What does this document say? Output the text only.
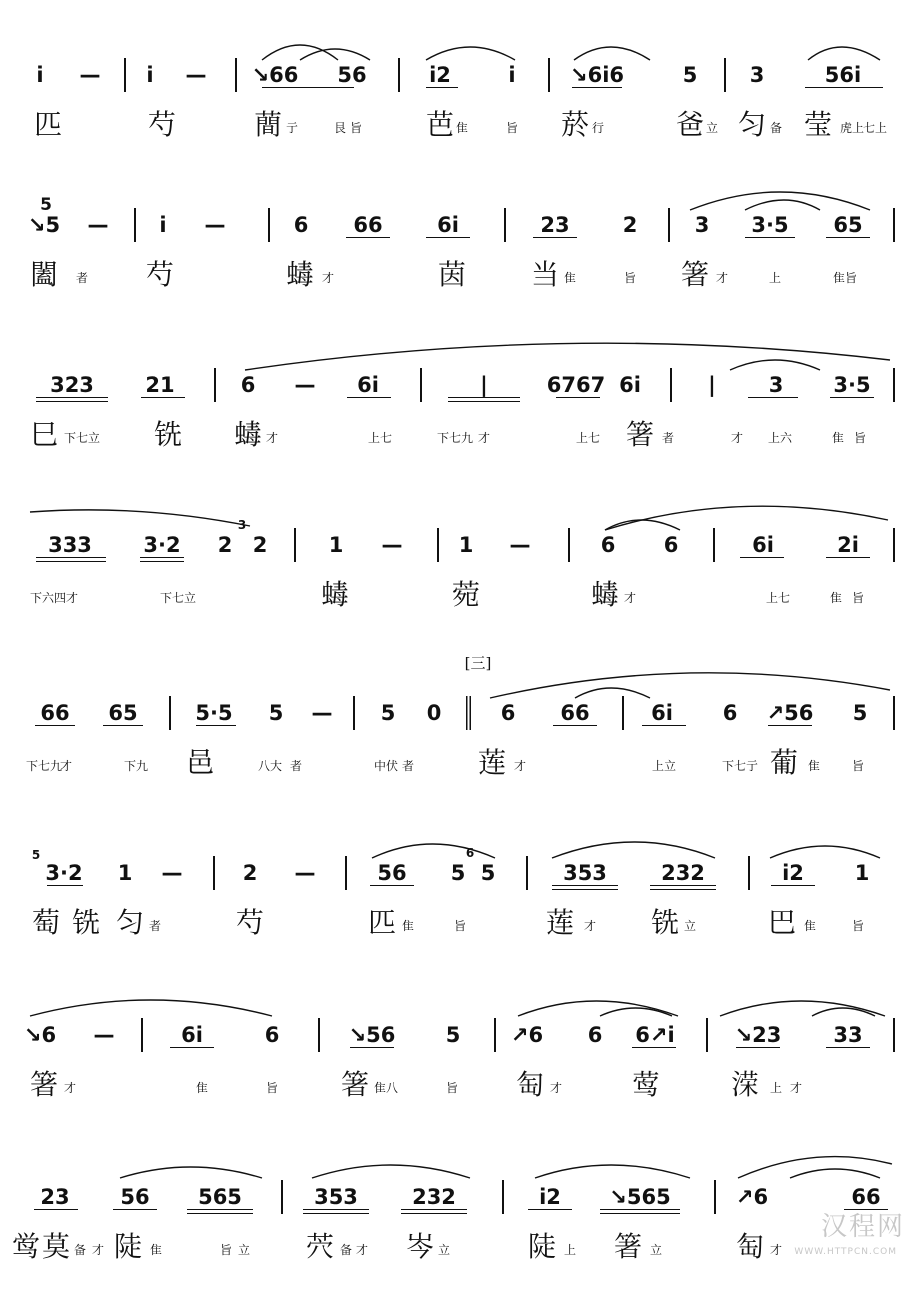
i — i — ↘66 56	i2	i	↘6i6	5 3	56i
匹	芍	蕳 亍	艮 旨 芭 隹	旨 菸 行	爸 立 匀 备 莹 虎上
七上
5
↘5 — i —	6 66	6i	23	2	3 3·5 65
闔 者 芍	蝳 才	茵 当 隹	旨 箸 才	上	隹旨
323 21	6 — 6i	|	6767 6i	|	3 3·5
巳 下七立 铣 蝳 才	上七	下七九 才	上七 箸 者	才 上六	隹 旨
333 3·2 2
3
2	1 —	1 —	6 6	6i	2i
下六四 才	下七立	蝳	菀	蝳 才	上七	隹 旨
[三]
66 65	5·5 5 — 5 0	6 66	6i 6 ↗56 5
下七九
才	下九 邑	八大 者	中伏 者 莲 才	上立	下七亍 葡 隹	旨
5
3·2 1 —	2 —	56 5
6
5	353	232	i2 1
萄 铣 匀 者	芍	匹 隹	旨	莲 才 铣 立	巴 隹	旨
↘6 —	6i	6	↘56 5 ↗6 6 6↗i	↘23 33
箸 才	隹	旨 箸 隹八	旨 匋 才 莺	溁 上 才
23 56 565	353	232	i2 ↘565	↗6	66
鸴 莫 备 才 陡 隹	旨 立 茓 备 才 岑 立	陡 上 箸 立	匋 才
汉程网
WWW.HTTPCN.COM
